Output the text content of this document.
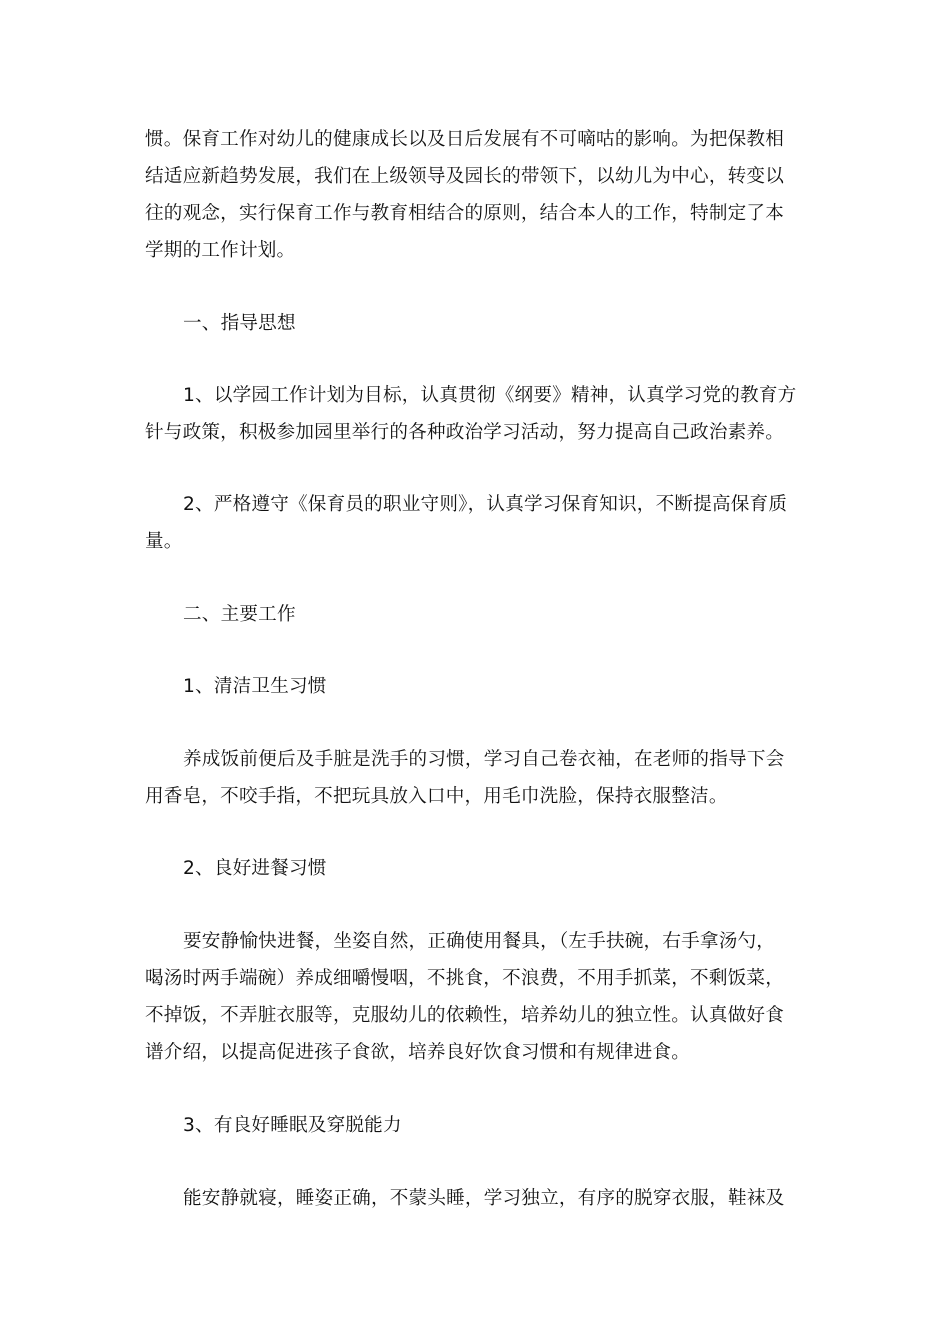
惯。保育工作对幼儿的健康成长以及日后发展有不可嘀咕的影响。为把保教相
结适应新趋势发展，我们在上级领导及园长的带领下，以幼儿为中心，转变以
往的观念，实行保育工作与教育相结合的原则，结合本人的工作，特制定了本
学期的工作计划。
一、指导思想
1、以学园工作计划为目标，认真贯彻《纲要》精神，认真学习党的教育方
针与政策，积极参加园里举行的各种政治学习活动，努力提高自己政治素养。
2、严格遵守《保育员的职业守则》，认真学习保育知识，不断提高保育质
量。
二、主要工作
1、清洁卫生习惯
养成饭前便后及手脏是洗手的习惯，学习自己卷衣袖，在老师的指导下会
用香皂，不咬手指，不把玩具放入口中，用毛巾洗脸，保持衣服整洁。
2、良好进餐习惯
要安静愉快进餐，坐姿自然，正确使用餐具，（左手扶碗，右手拿汤勺，
喝汤时两手端碗）养成细嚼慢咽，不挑食，不浪费，不用手抓菜，不剩饭菜，
不掉饭，不弄脏衣服等，克服幼儿的依赖性，培养幼儿的独立性。认真做好食
谱介绍，以提高促进孩子食欲，培养良好饮食习惯和有规律进食。
3、有良好睡眠及穿脱能力
能安静就寝，睡姿正确，不蒙头睡，学习独立，有序的脱穿衣服，鞋袜及
